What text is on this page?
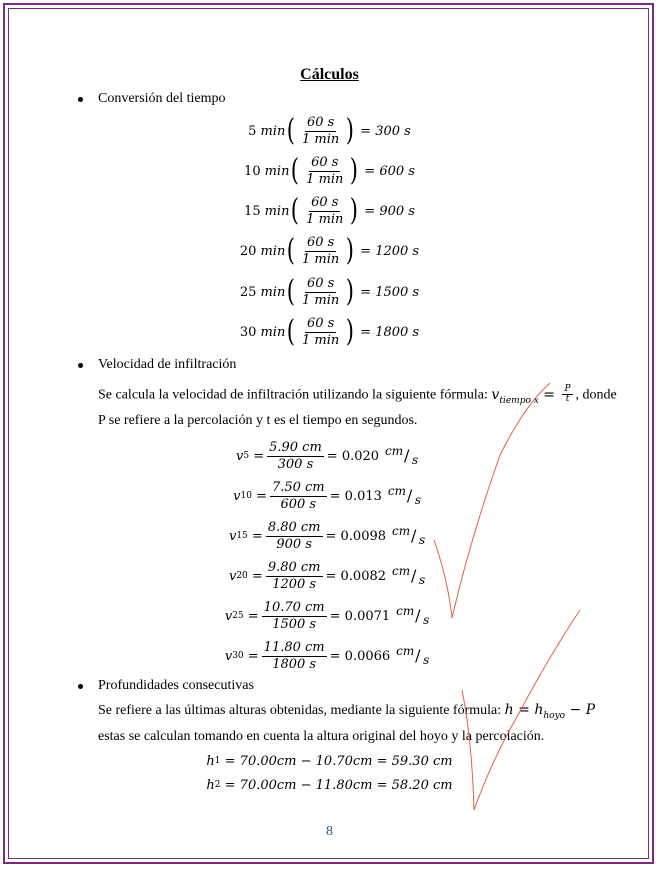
Cálculos
Conversión del tiempo
5 min ( $\frac{60 s}{1 \min}$ ) = 300 s
10 min ( $\frac{60 s}{1 \min}$ ) = 600 s
15 min ( $\frac{60 s}{1 \min}$ ) = 900 s
20 min ( $\frac{60 s}{1 \min}$ ) = 1200 s
25 min ( $\frac{60 s}{1 \min}$ ) = 1500 s
30 min ( $\frac{60 s}{1 \min}$ ) = 1800 s
Velocidad de infiltración
Se calcula la velocidad de infiltración utilizando la siguiente fórmula: $v_{tiempo x} = \frac{P}{t}$ , donde
P se refiere a la percolación y t es el tiempo en segundos.
v $5 = \frac{5.90 cm}{300 s} = 0.020$ cm / s
v $10 = \frac{7.50 cm}{600 s} = 0.013$ cm / s
v $15 = \frac{8.80 cm}{900 s} = 0.0098$ cm / s
v $20 = \frac{9.80 cm}{1200 s} = 0.0082$ cm / s
v $25 = \frac{10.70 cm}{1500 s} = 0.0071$ cm / s
v $30 = \frac{11.80 cm}{1800 s} = 0.0066$ cm / s
Profundidades consecutivas
Se refiere a las últimas alturas obtenidas, mediante la siguiente fórmula: $h = h_{hoyo} - P$
estas se calculan tomando en cuenta la altura original del hoyo y la percolación.
h 1 = 70.00cm − 10.70cm = 59.30 cm
h 2 = 70.00cm − 11.80cm = 58.20 cm
8
